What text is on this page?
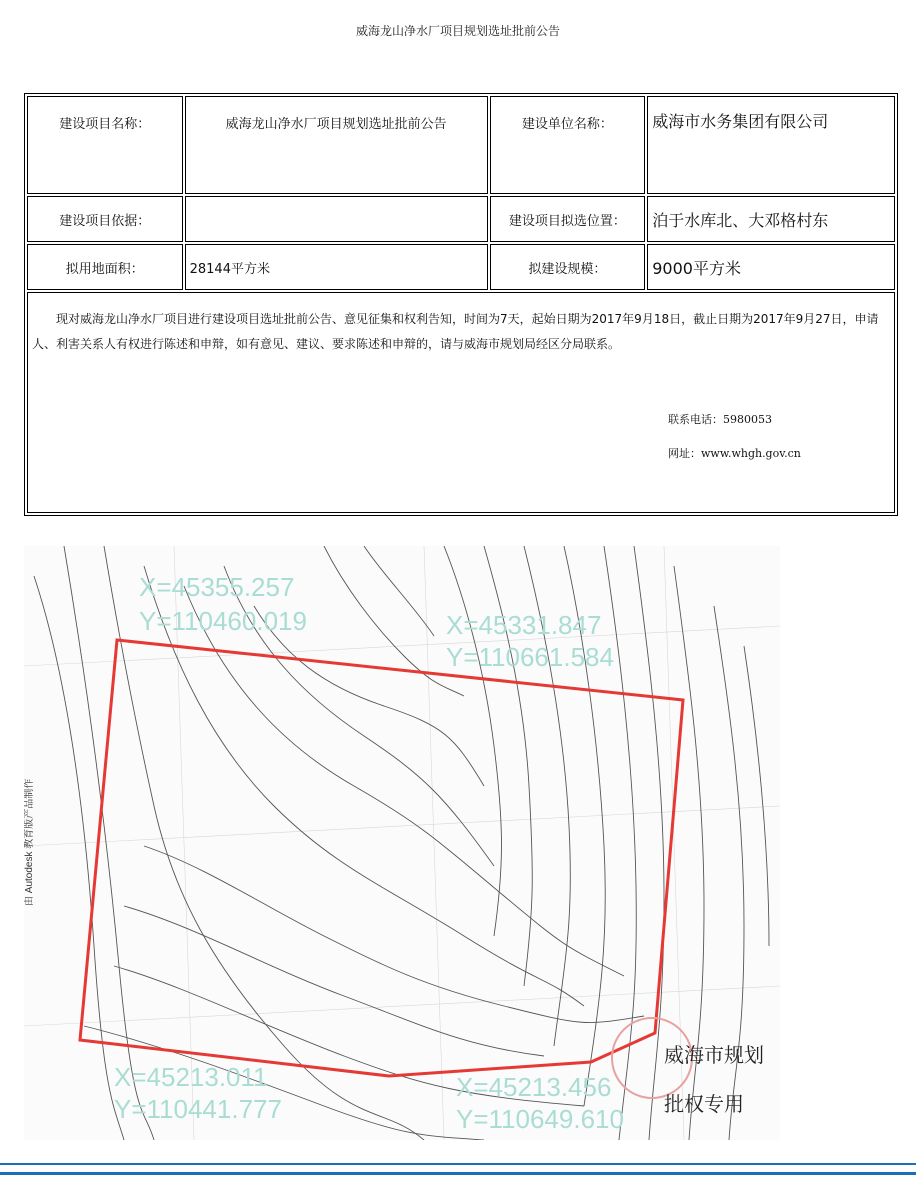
威海龙山净水厂项目规划选址批前公告
建设项目名称：	威海龙山净水厂项目规划选址批前公告	建设单位名称：	威海市水务集团有限公司
建设项目依据：		建设项目拟选位置：	泊于水库北、大邓格村东
拟用地面积：	28144平方米	拟建设规模：	9000平方米

现对威海龙山净水厂项目进行建设项目选址批前公告、意见征集和权利告知，时间为7天，起始日期为2017年9月18日，截止日期为2017年9月27日，申请人、利害关系人有权进行陈述和申辩，如有意见、建议、要求陈述和申辩的，请与威海市规划局经区分局联系。

联系电话：5980053
网址：www.whgh.gov.cn			
X=45355.257
Y=110460.019	X=45331.847
Y=110661.584
X=45213.011
Y=110441.777
X=45213.456
Y=110649.610
由 Autodesk 教育版产品制作
威海市规划
批权专用
